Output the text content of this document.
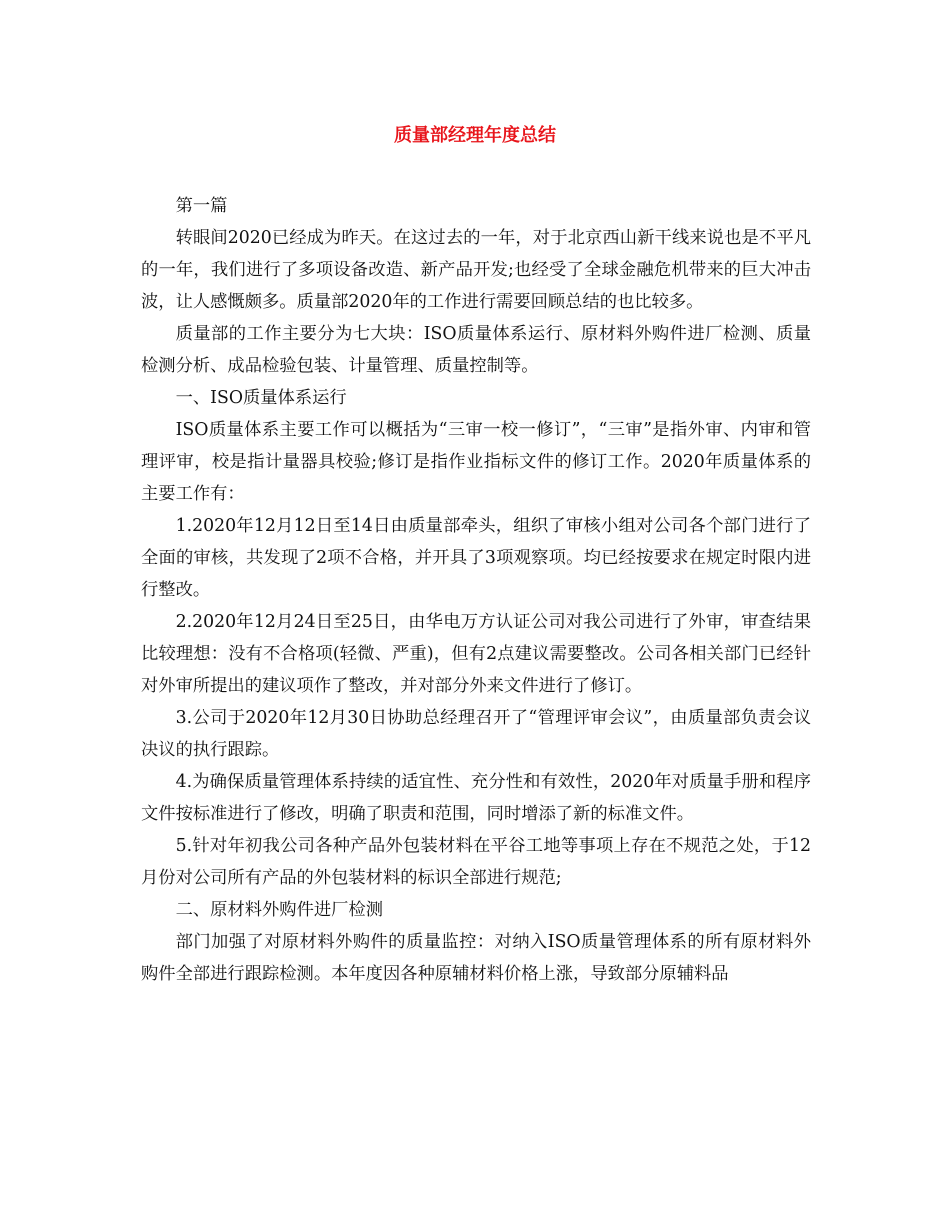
质量部经理年度总结

第一篇

转眼间2020已经成为昨天。在这过去的一年，对于北京西山新干线来说也是不平凡的一年，我们进行了多项设备改造、新产品开发;也经受了全球金融危机带来的巨大冲击波，让人感慨颇多。质量部2020年的工作进行需要回顾总结的也比较多。

质量部的工作主要分为七大块：ISO质量体系运行、原材料外购件进厂检测、质量检测分析、成品检验包装、计量管理、质量控制等。

一、ISO质量体系运行

ISO质量体系主要工作可以概括为“三审一校一修订”，“三审”是指外审、内审和管理评审，校是指计量器具校验;修订是指作业指标文件的修订工作。2020年质量体系的主要工作有：

1.2020年12月12日至14日由质量部牵头，组织了审核小组对公司各个部门进行了全面的审核，共发现了2项不合格，并开具了3项观察项。均已经按要求在规定时限内进行整改。

2.2020年12月24日至25日，由华电万方认证公司对我公司进行了外审，审查结果比较理想：没有不合格项(轻微、严重)，但有2点建议需要整改。公司各相关部门已经针对外审所提出的建议项作了整改，并对部分外来文件进行了修订。

3.公司于2020年12月30日协助总经理召开了“管理评审会议”，由质量部负责会议决议的执行跟踪。

4.为确保质量管理体系持续的适宜性、充分性和有效性，2020年对质量手册和程序文件按标准进行了修改，明确了职责和范围，同时增添了新的标准文件。

5.针对年初我公司各种产品外包装材料在平谷工地等事项上存在不规范之处，于12月份对公司所有产品的外包装材料的标识全部进行规范;

二、原材料外购件进厂检测

部门加强了对原材料外购件的质量监控：对纳入ISO质量管理体系的所有原材料外购件全部进行跟踪检测。本年度因各种原辅材料价格上涨，导致部分原辅料品
